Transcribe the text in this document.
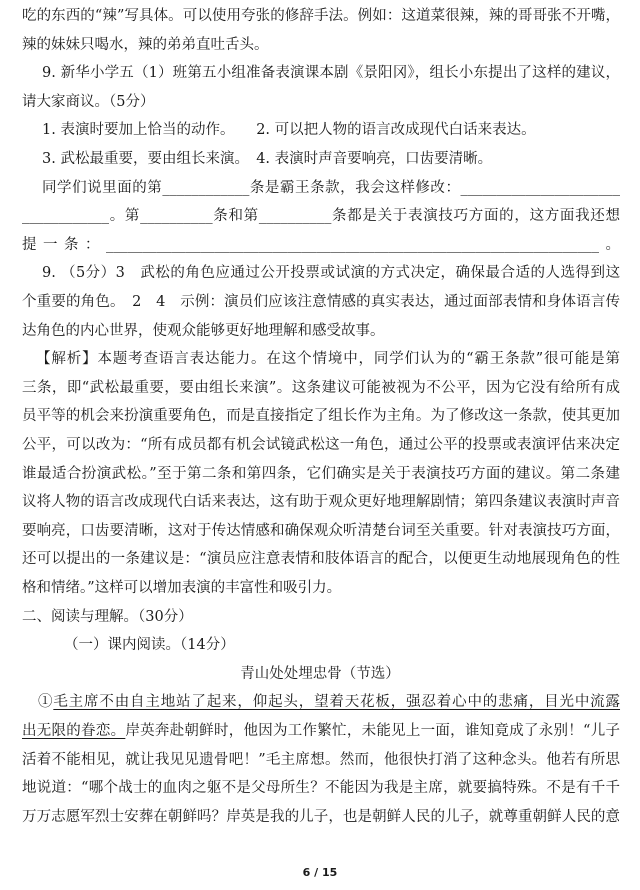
吃的东西的“辣”写具体。可以使用夸张的修辞手法。例如：这道菜很辣，辣的哥哥张不开嘴，
辣的妹妹只喝水，辣的弟弟直吐舌头。
9. 新华小学五（1）班第五小组准备表演课本剧《景阳冈》，组长小东提出了这样的建议，
请大家商议。（5分）
1. 表演时要加上恰当的动作。　　2. 可以把人物的语言改成现代白话来表达。
3. 武松最重要，要由组长来演。　4. 表演时声音要响亮，口齿要清晰。
同学们说里面的第____________条是霸王条款，我会这样修改：______________________
____________。第__________条和第__________条都是关于表演技巧方面的，这方面我还想
提一条：____________________________________________________________________。
9. （5分）3　武松的角色应通过公开投票或试演的方式决定，确保最合适的人选得到这
个重要的角色。　2　4　示例：演员们应该注意情感的真实表达，通过面部表情和身体语言传
达角色的内心世界，使观众能够更好地理解和感受故事。
【解析】本题考查语言表达能力。在这个情境中，同学们认为的“霸王条款”很可能是第
三条，即“武松最重要，要由组长来演”。这条建议可能被视为不公平，因为它没有给所有成
员平等的机会来扮演重要角色，而是直接指定了组长作为主角。为了修改这一条款，使其更加
公平，可以改为：“所有成员都有机会试镜武松这一角色，通过公平的投票或表演评估来决定
谁最适合扮演武松。”至于第二条和第四条，它们确实是关于表演技巧方面的建议。第二条建
议将人物的语言改成现代白话来表达，这有助于观众更好地理解剧情；第四条建议表演时声音
要响亮，口齿要清晰，这对于传达情感和确保观众听清楚台词至关重要。针对表演技巧方面，
还可以提出的一条建议是：“演员应注意表情和肢体语言的配合，以便更生动地展现角色的性
格和情绪。”这样可以增加表演的丰富性和吸引力。
二、阅读与理解。（30分）
（一）课内阅读。（14分）
青山处处埋忠骨（节选）
①毛主席不由自主地站了起来，仰起头，望着天花板，强忍着心中的悲痛，目光中流露
出无限的眷恋。岸英奔赴朝鲜时，他因为工作繁忙，未能见上一面，谁知竟成了永别！“儿子
6 / 15
活着不能相见，就让我见见遗骨吧！”毛主席想。然而，他很快打消了这种念头。他若有所思
地说道：“哪个战士的血肉之躯不是父母所生？不能因为我是主席，就要搞特殊。不是有千千
万万志愿军烈士安葬在朝鲜吗？岸英是我的儿子，也是朝鲜人民的儿子，就尊重朝鲜人民的意
